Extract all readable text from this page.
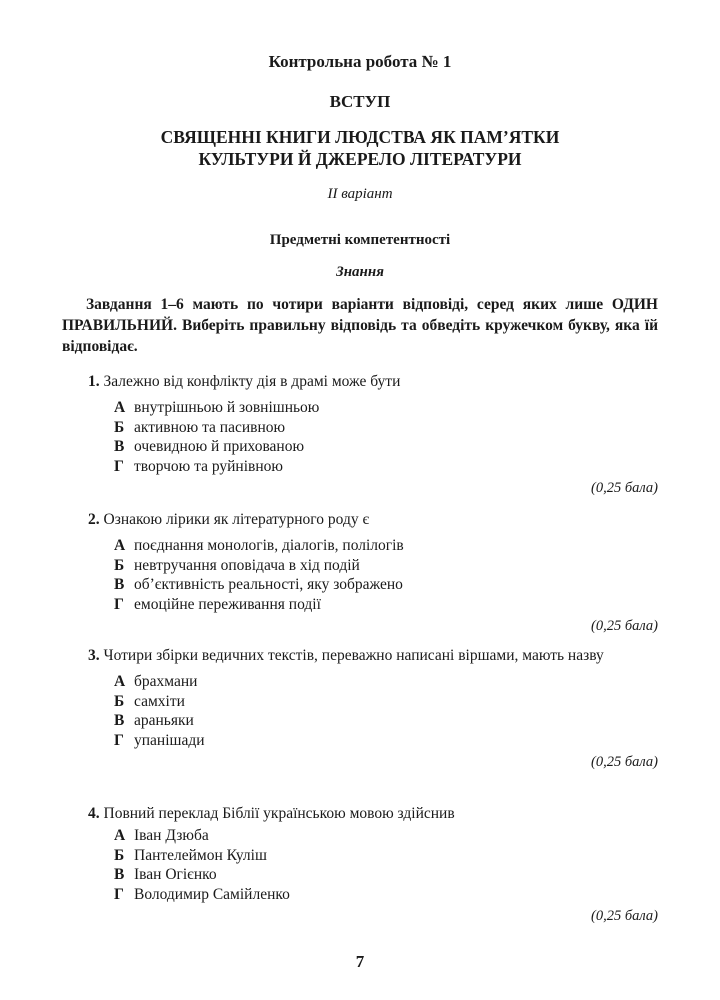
Контрольна робота № 1
ВСТУП
СВЯЩЕННІ КНИГИ ЛЮДСТВА ЯК ПАМ’ЯТКИ
КУЛЬТУРИ Й ДЖЕРЕЛО ЛІТЕРАТУРИ
ІІ варіант
Предметні компетентності
Знання
Завдання 1–6 мають по чотири варіанти відповіді, серед яких лише ОДИН ПРАВИЛЬНИЙ. Виберіть правильну відповідь та обведіть кружечком букву, яка їй відповідає.
1. Залежно від конфлікту дія в драмі може бути
А внутрішньою й зовнішньою
Б активною та пасивною
В очевидною й прихованою
Г творчою та руйнівною
(0,25 бала)
2. Ознакою лірики як літературного роду є
А поєднання монологів, діалогів, полілогів
Б невтручання оповідача в хід подій
В об’єктивність реальності, яку зображено
Г емоційне переживання події
(0,25 бала)
3. Чотири збірки ведичних текстів, переважно написані віршами, мають назву
А брахмани
Б самхіти
В араньяки
Г упанішади
(0,25 бала)
4. Повний переклад Біблії українською мовою здійснив
А Іван Дзюба
Б Пантелеймон Куліш
В Іван Огієнко
Г Володимир Самійленко
(0,25 бала)
7
